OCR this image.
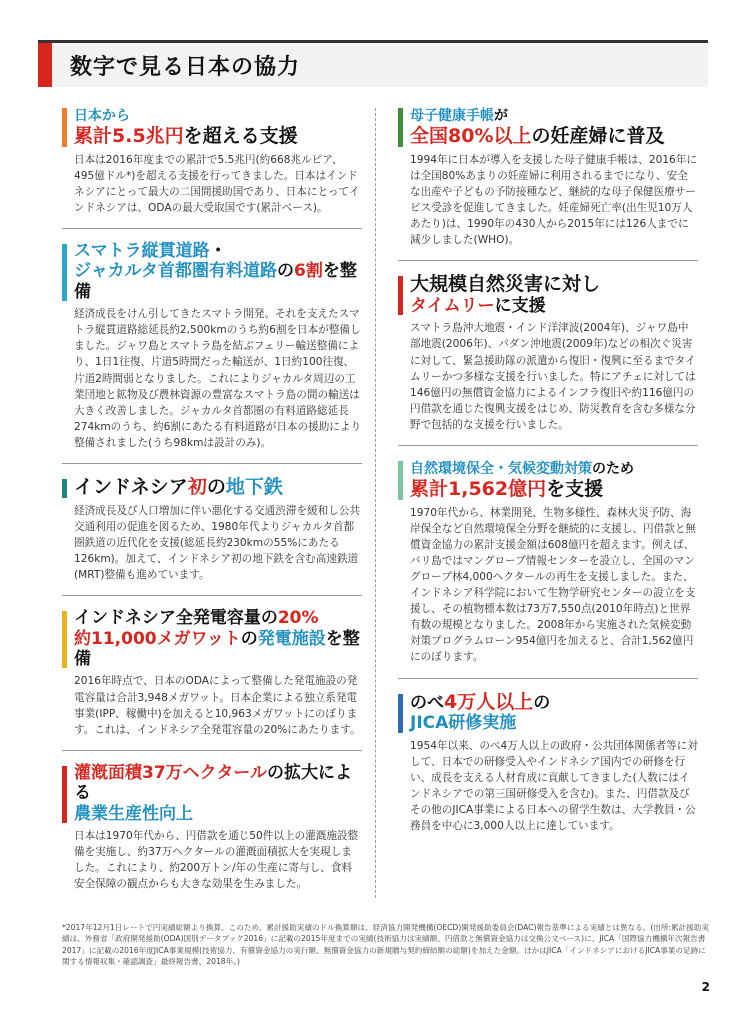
数字で見る日本の協力
日本から
累計5.5兆円を超える支援
日本は2016年度までの累計で5.5兆円(約668兆ルピア、495億ドル*)を超える支援を行ってきました。日本はインドネシアにとって最大の二国間援助国であり、日本にとってインドネシアは、ODAの最大受取国です(累計ベース)。
スマトラ縦貫道路・
ジャカルタ首都圏有料道路の6割を整備
経済成長をけん引してきたスマトラ開発。それを支えたスマトラ縦貫道路総延長約2,500kmのうち約6割を日本が整備しました。ジャワ島とスマトラ島を結ぶフェリー輸送整備により、1日1往復、片道5時間だった輸送が、1日約100往復、片道2時間弱となりました。これによりジャカルタ周辺の工業団地と鉱物及び農林資源の豊富なスマトラ島の間の輸送は大きく改善しました。ジャカルタ首都圏の有料道路総延長274kmのうち、約6割にあたる有料道路が日本の援助により整備されました(うち98kmは設計のみ)。
インドネシア初の地下鉄
経済成長及び人口増加に伴い悪化する交通渋滞を緩和し公共交通利用の促進を図るため、1980年代よりジャカルタ首都圏鉄道の近代化を支援(総延長約230kmの55%にあたる126km)。加えて、インドネシア初の地下鉄を含む高速鉄道(MRT)整備も進めています。
インドネシア全発電容量の20%
約11,000メガワットの発電施設を整備
2016年時点で、日本のODAによって整備した発電施設の発電容量は合計3,948メガワット。日本企業による独立系発電事業(IPP、稼働中)を加えると10,963メガワットにのぼります。これは、インドネシア全発電容量の20%にあたります。
灌漑面積37万ヘクタールの拡大による
農業生産性向上
日本は1970年代から、円借款を通じ50件以上の灌漑施設整備を実施し、約37万ヘクタールの灌漑面積拡大を実現しました。これにより、約200万トン/年の生産に寄与し、食料安全保障の観点からも大きな効果を生みました。
母子健康手帳が
全国80%以上の妊産婦に普及
1994年に日本が導入を支援した母子健康手帳は、2016年には全国80%あまりの妊産婦に利用されるまでになり、安全な出産や子どもの予防接種など、継続的な母子保健医療サービス受診を促進してきました。妊産婦死亡率(出生児10万人あたり)は、1990年の430人から2015年には126人までに減少しました(WHO)。
大規模自然災害に対し
タイムリーに支援
スマトラ島沖大地震・インド洋津波(2004年)、ジャワ島中部地震(2006年)、パダン沖地震(2009年)などの相次ぐ災害に対して、緊急援助隊の派遣から復旧・復興に至るまでタイムリーかつ多様な支援を行いました。特にアチェに対しては146億円の無償資金協力によるインフラ復旧や約116億円の円借款を通じた復興支援をはじめ、防災教育を含む多様な分野で包括的な支援を行いました。
自然環境保全・気候変動対策のため
累計1,562億円を支援
1970年代から、林業開発、生物多様性、森林火災予防、海岸保全など自然環境保全分野を継続的に支援し、円借款と無償資金協力の累計支援金額は608億円を超えます。例えば、バリ島ではマングローブ情報センターを設立し、全国のマングローブ林4,000ヘクタールの再生を支援しました。また、インドネシア科学院において生物学研究センターの設立を支援し、その植物標本数は73万7,550点(2010年時点)と世界有数の規模となりました。2008年から実施された気候変動対策プログラムローン954億円を加えると、合計1,562億円にのぼります。
のべ4万人以上の
JICA研修実施
1954年以来、のべ4万人以上の政府・公共団体関係者等に対して、日本での研修受入やインドネシア国内での研修を行い、成長を支える人材育成に貢献してきました(人数にはインドネシアでの第三国研修受入を含む)。また、円借款及びその他のJICA事業による日本への留学生数は、大学教員・公務員を中心に3,000人以上に達しています。
*2017年12月1日レートで円実績総額より換算。このため、累計援助実績のドル換算額は、経済協力開発機構(OECD)開発援助委員会(DAC)報告基準による実績とは異なる。(出所:累計援助実績は、外務省「政府開発援助(ODA)国別データブック2016」に記載の2015年度までの実績(技術協力は実績額、円借款と無償資金協力は交換公文ベース)に、JICA「国際協力機構年次報告書2017」に記載の2016年度JICA事業規模(技術協力、有償資金協力の実行額、無償資金協力の新規贈与契約締結額の総額)を加えた金額。ほかはJICA「インドネシアにおけるJICA事業の足跡に関する情報収集・確認調査」最終報告書、2018年。)
2
